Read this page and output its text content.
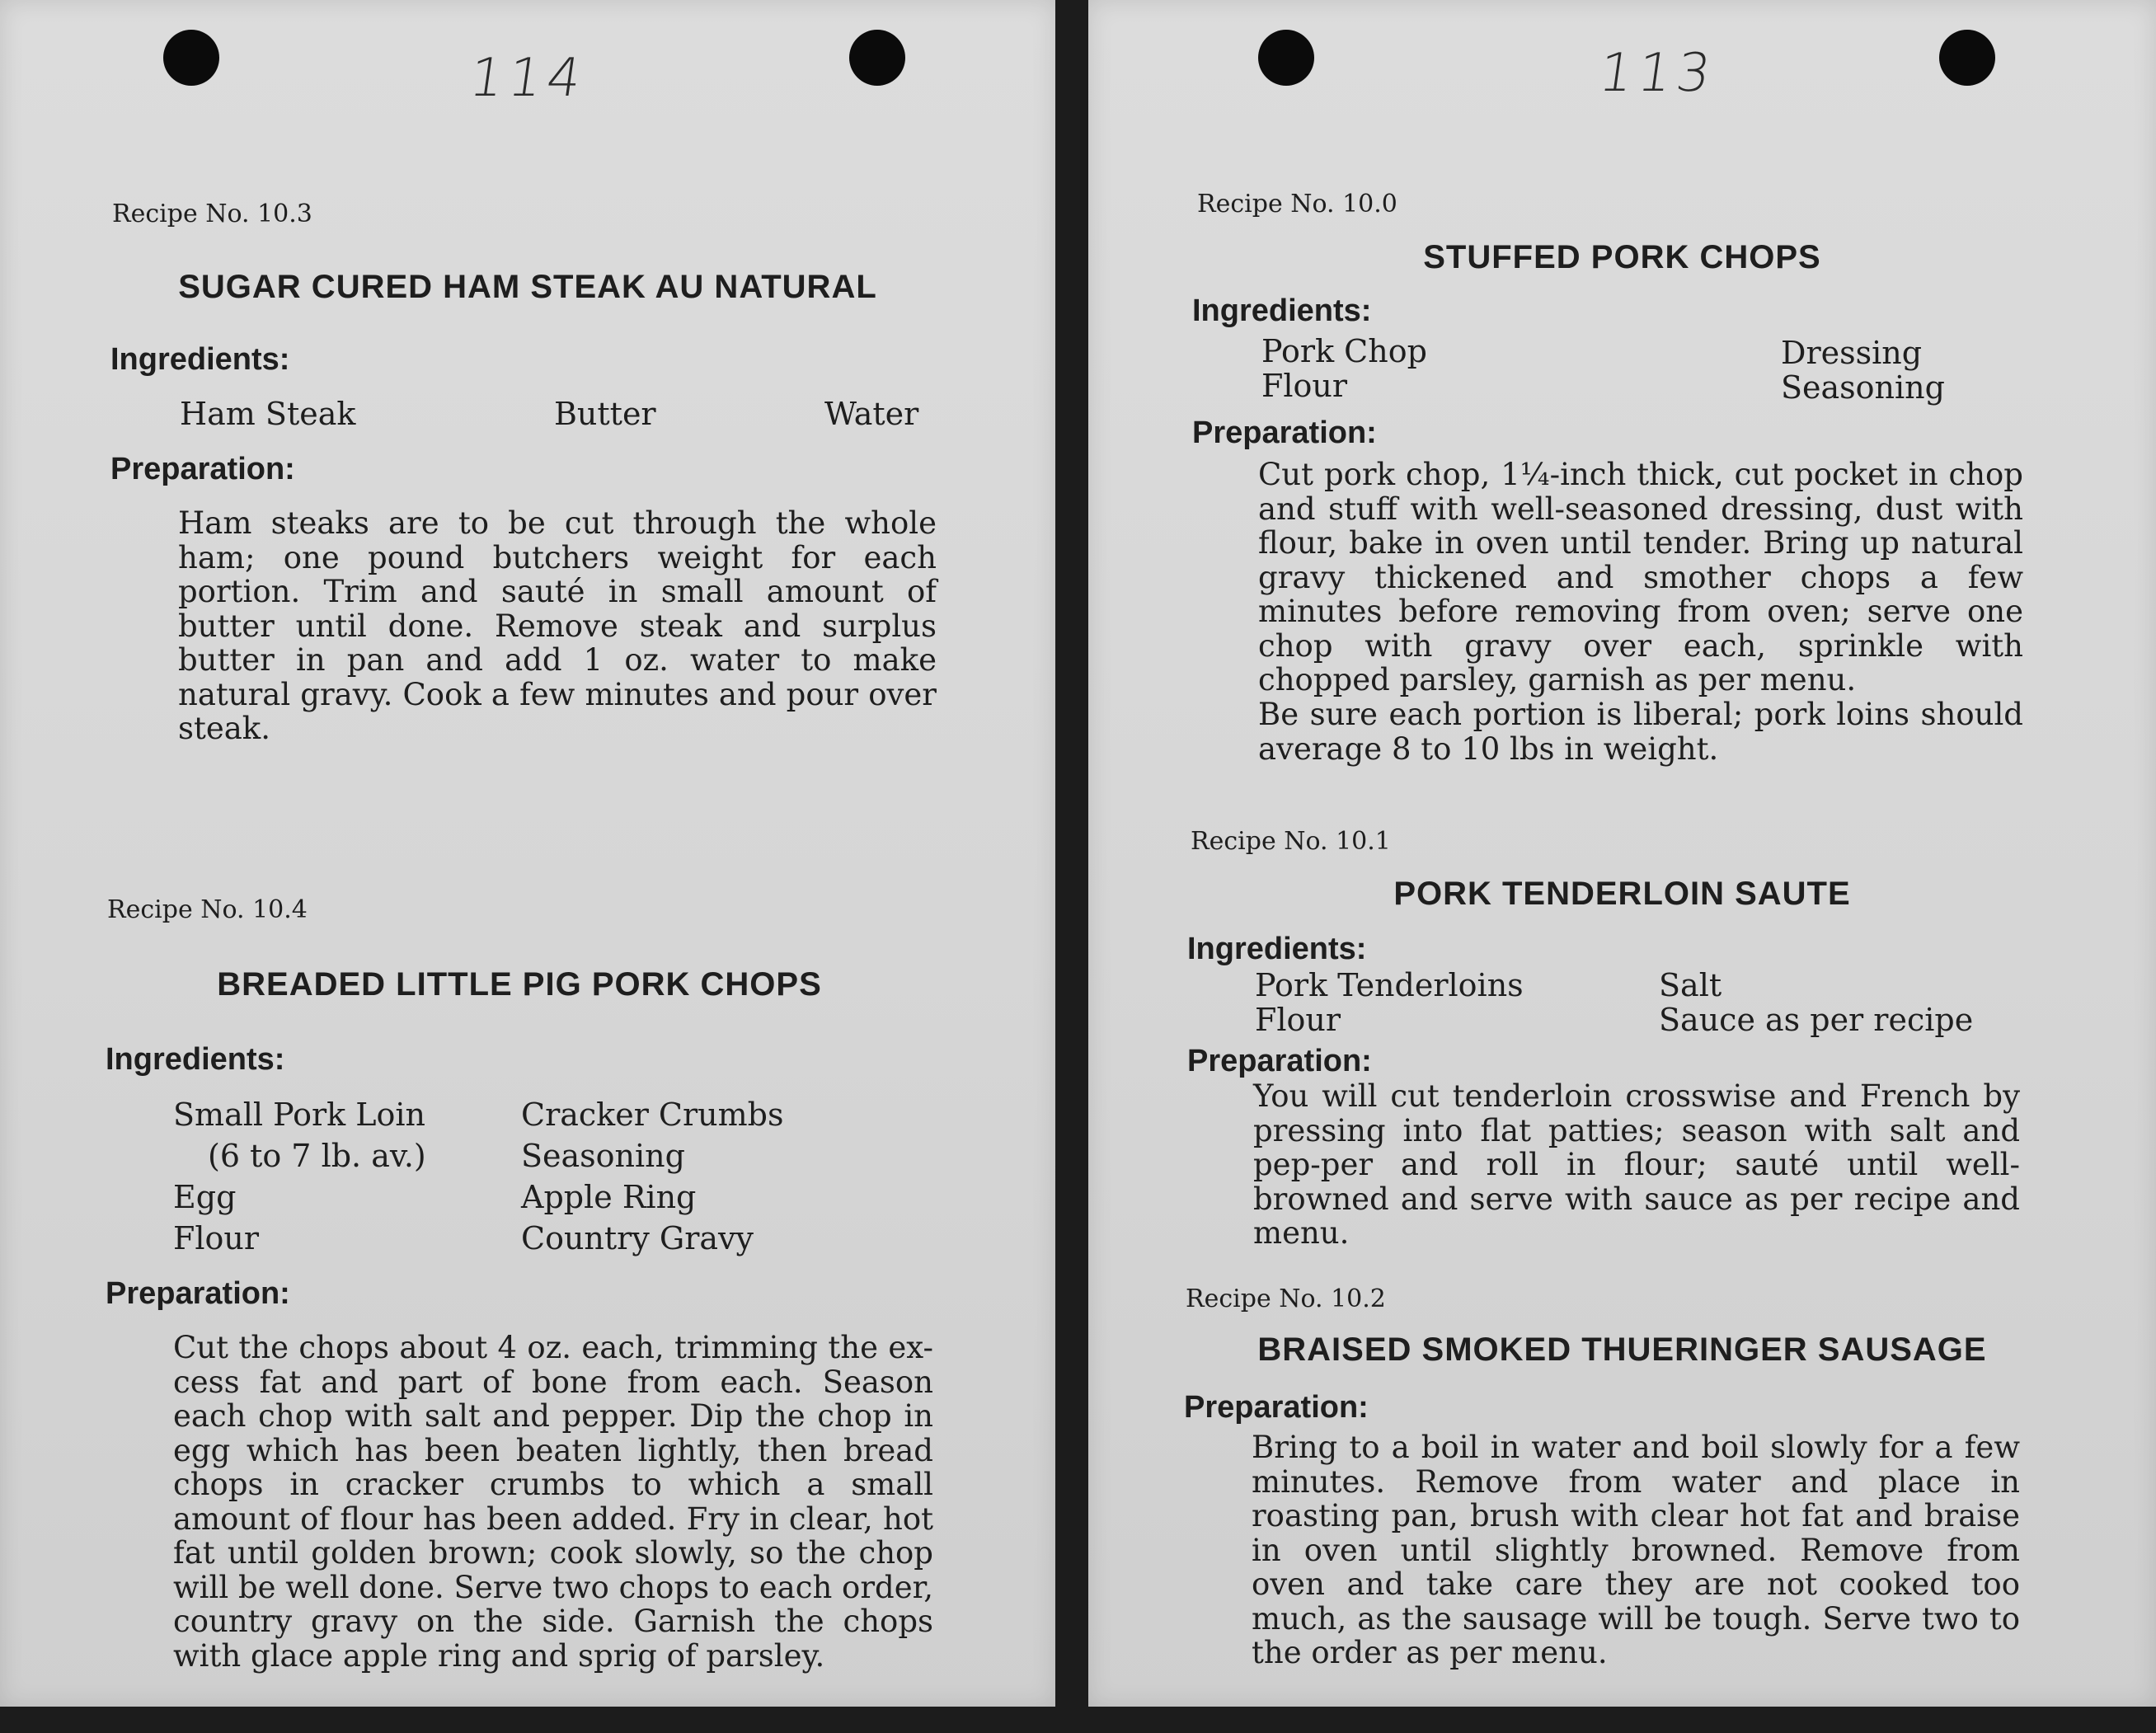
114
Recipe No. 10.3
SUGAR CURED HAM STEAK AU NATURAL
Ingredients:
Ham Steak	Butter	Water
Preparation:
Ham steaks are to be cut through the whole ham; one pound butchers weight for each portion. Trim and sauté in small amount of butter until done. Remove steak and surplus butter in pan and add 1 oz. water to make natural gravy. Cook a few minutes and pour over steak.
Recipe No. 10.4
BREADED LITTLE PIG PORK CHOPS
Ingredients:
Small Pork Loin
(6 to 7 lb. av.)
Egg
Flour
Cracker Crumbs
Seasoning
Apple Ring
Country Gravy
Preparation:
Cut the chops about 4 oz. each, trimming the ex-cess fat and part of bone from each. Season each chop with salt and pepper. Dip the chop in egg which has been beaten lightly, then bread chops in cracker crumbs to which a small amount of flour has been added. Fry in clear, hot fat until golden brown; cook slowly, so the chop will be well done. Serve two chops to each order, country gravy on the side. Garnish the chops with glace apple ring and sprig of parsley.
113
Recipe No. 10.0
STUFFED PORK CHOPS
Ingredients:
Pork Chop
Flour
Dressing
Seasoning
Preparation:
Cut pork chop, 1¼-inch thick, cut pocket in chop and stuff with well-seasoned dressing, dust with flour, bake in oven until tender. Bring up natural gravy thickened and smother chops a few minutes before removing from oven; serve one chop with gravy over each, sprinkle with chopped parsley, garnish as per menu.
Be sure each portion is liberal; pork loins should average 8 to 10 lbs in weight.
Recipe No. 10.1
PORK TENDERLOIN SAUTE
Ingredients:
Pork Tenderloins
Flour
Salt
Sauce as per recipe
Preparation:
You will cut tenderloin crosswise and French by pressing into flat patties; season with salt and pep-per and roll in flour; sauté until well-browned and serve with sauce as per recipe and menu.
Recipe No. 10.2
BRAISED SMOKED THUERINGER SAUSAGE
Preparation:
Bring to a boil in water and boil slowly for a few minutes. Remove from water and place in roasting pan, brush with clear hot fat and braise in oven until slightly browned. Remove from oven and take care they are not cooked too much, as the sausage will be tough. Serve two to the order as per menu.
